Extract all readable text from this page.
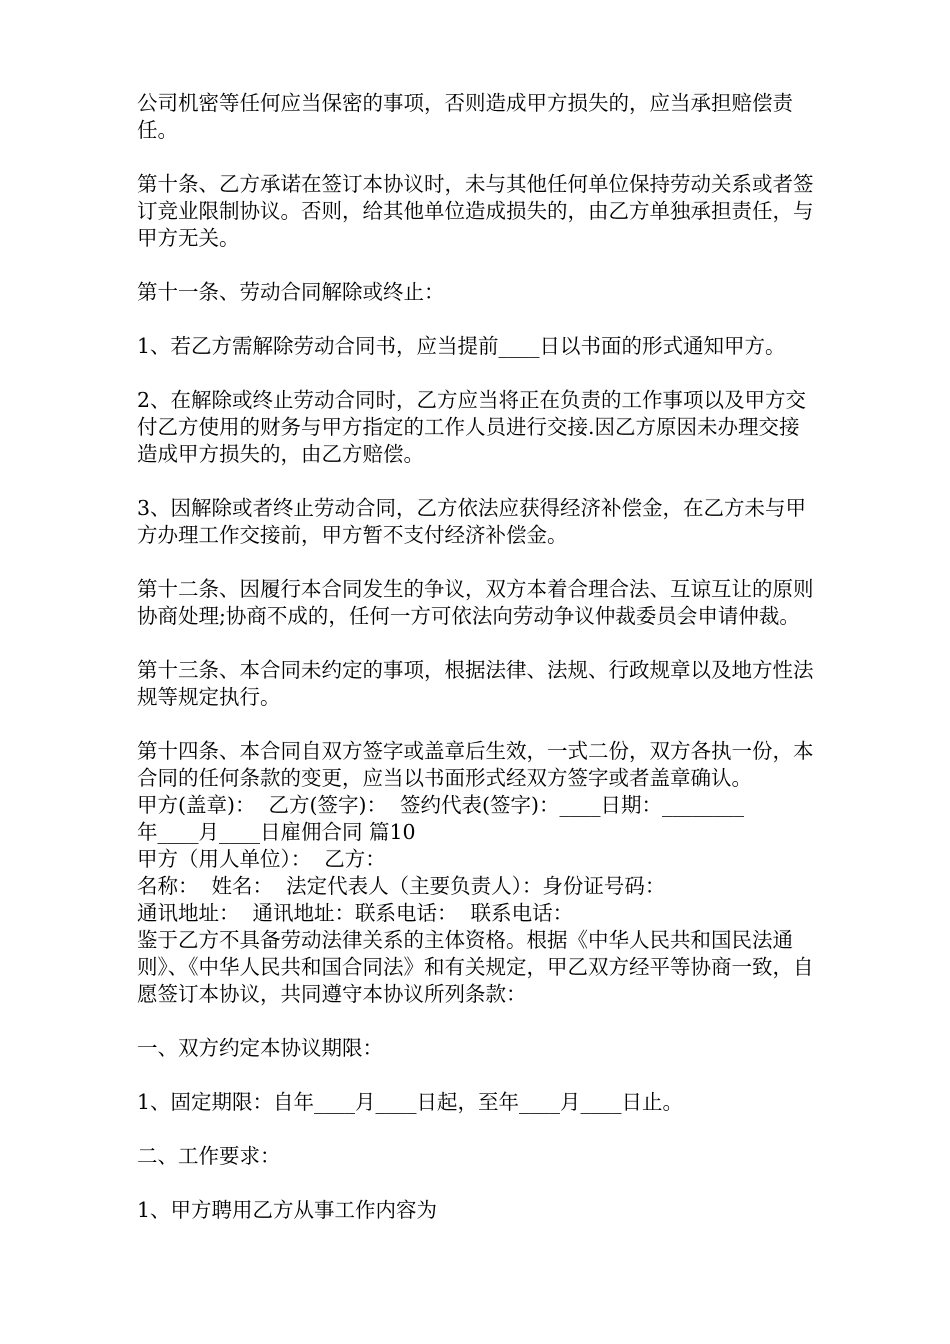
公司机密等任何应当保密的事项，否则造成甲方损失的，应当承担赔偿责任。

第十条、乙方承诺在签订本协议时，未与其他任何单位保持劳动关系或者签订竞业限制协议。否则，给其他单位造成损失的，由乙方单独承担责任，与甲方无关。

第十一条、劳动合同解除或终止：

1、若乙方需解除劳动合同书，应当提前____日以书面的形式通知甲方。

2、在解除或终止劳动合同时，乙方应当将正在负责的工作事项以及甲方交付乙方使用的财务与甲方指定的工作人员进行交接.因乙方原因未办理交接造成甲方损失的，由乙方赔偿。

3、因解除或者终止劳动合同，乙方依法应获得经济补偿金，在乙方未与甲方办理工作交接前，甲方暂不支付经济补偿金。

第十二条、因履行本合同发生的争议，双方本着合理合法、互谅互让的原则协商处理;协商不成的，任何一方可依法向劳动争议仲裁委员会申请仲裁。

第十三条、本合同未约定的事项，根据法律、法规、行政规章以及地方性法规等规定执行。

第十四条、本合同自双方签字或盖章后生效，一式二份，双方各执一份，本合同的任何条款的变更，应当以书面形式经双方签字或者盖章确认。

甲方(盖章)：  乙方(签字)：  签约代表(签字)：____日期：________
年____月____日雇佣合同 篇10
甲方（用人单位）：  乙方：
名称：  姓名：  法定代表人（主要负责人）：身份证号码：
通讯地址：  通讯地址：联系电话：  联系电话：

鉴于乙方不具备劳动法律关系的主体资格。根据《中华人民共和国民法通则》、《中华人民共和国合同法》和有关规定，甲乙双方经平等协商一致，自愿签订本协议，共同遵守本协议所列条款：

一、双方约定本协议期限：

1、固定期限：自年____月____日起，至年____月____日止。

二、工作要求：

1、甲方聘用乙方从事工作内容为
